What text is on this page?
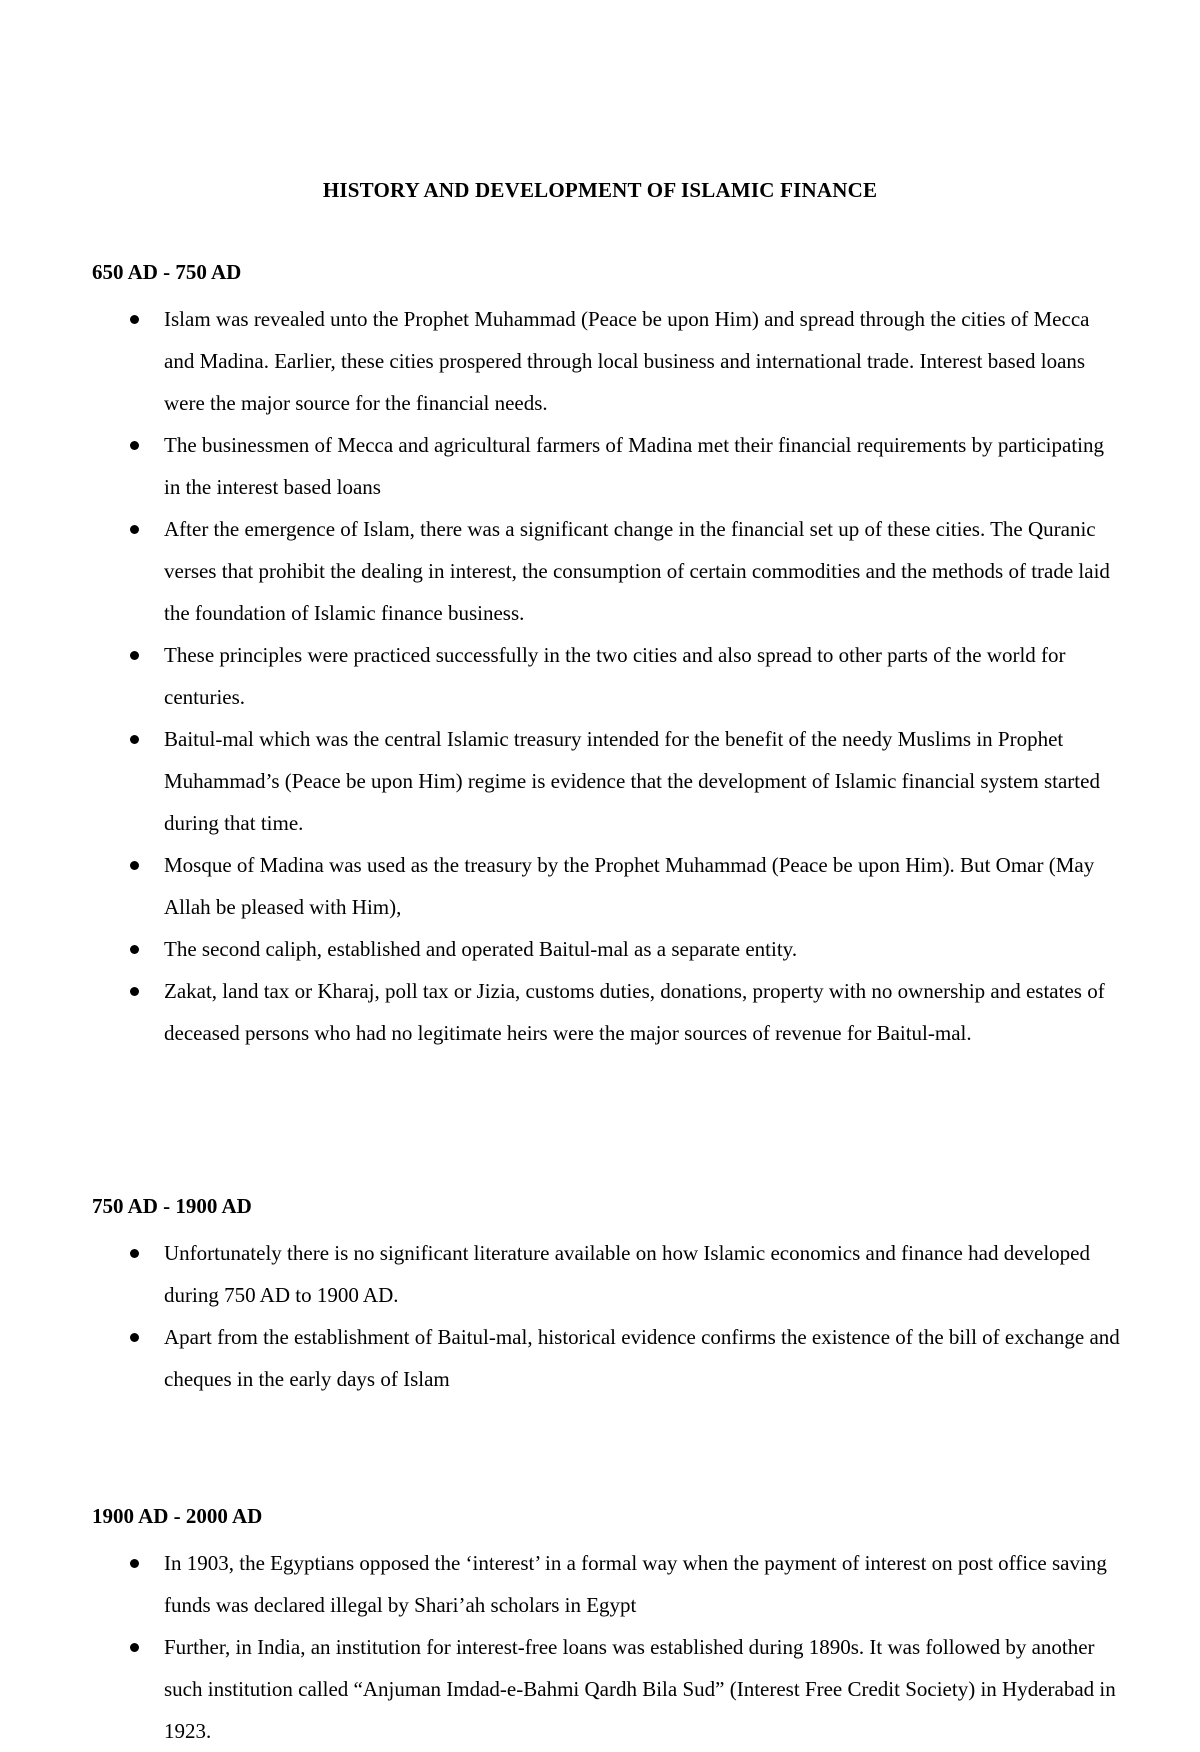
HISTORY AND DEVELOPMENT OF ISLAMIC FINANCE
650 AD - 750 AD
Islam was revealed unto the Prophet Muhammad (Peace be upon Him) and spread through the cities of Mecca and Madina. Earlier, these cities prospered through local business and international trade. Interest based loans were the major source for the financial needs.
The businessmen of Mecca and agricultural farmers of Madina met their financial requirements by participating in the interest based loans
After the emergence of Islam, there was a significant change in the financial set up of these cities. The Quranic verses that prohibit the dealing in interest, the consumption of certain commodities and the methods of trade laid the foundation of Islamic finance business.
These principles were practiced successfully in the two cities and also spread to other parts of the world for centuries.
Baitul-mal which was the central Islamic treasury intended for the benefit of the needy Muslims in Prophet Muhammad’s (Peace be upon Him) regime is evidence that the development of Islamic financial system started during that time.
Mosque of Madina was used as the treasury by the Prophet Muhammad (Peace be upon Him). But Omar (May Allah be pleased with Him),
The second caliph, established and operated Baitul-mal as a separate entity.
Zakat, land tax or Kharaj, poll tax or Jizia, customs duties, donations, property with no ownership and estates of deceased persons who had no legitimate heirs were the major sources of revenue for Baitul-mal.
750 AD - 1900 AD
Unfortunately there is no significant literature available on how Islamic economics and finance had developed during 750 AD to 1900 AD.
Apart from the establishment of Baitul-mal, historical evidence confirms the existence of the bill of exchange and cheques in the early days of Islam
1900 AD - 2000 AD
In 1903, the Egyptians opposed the ‘interest’ in a formal way when the payment of interest on post office saving funds was declared illegal by Shari’ah scholars in Egypt
Further, in India, an institution for interest-free loans was established during 1890s. It was followed by another such institution called “Anjuman Imdad-e-Bahmi Qardh Bila Sud” (Interest Free Credit Society) in Hyderabad in 1923.
